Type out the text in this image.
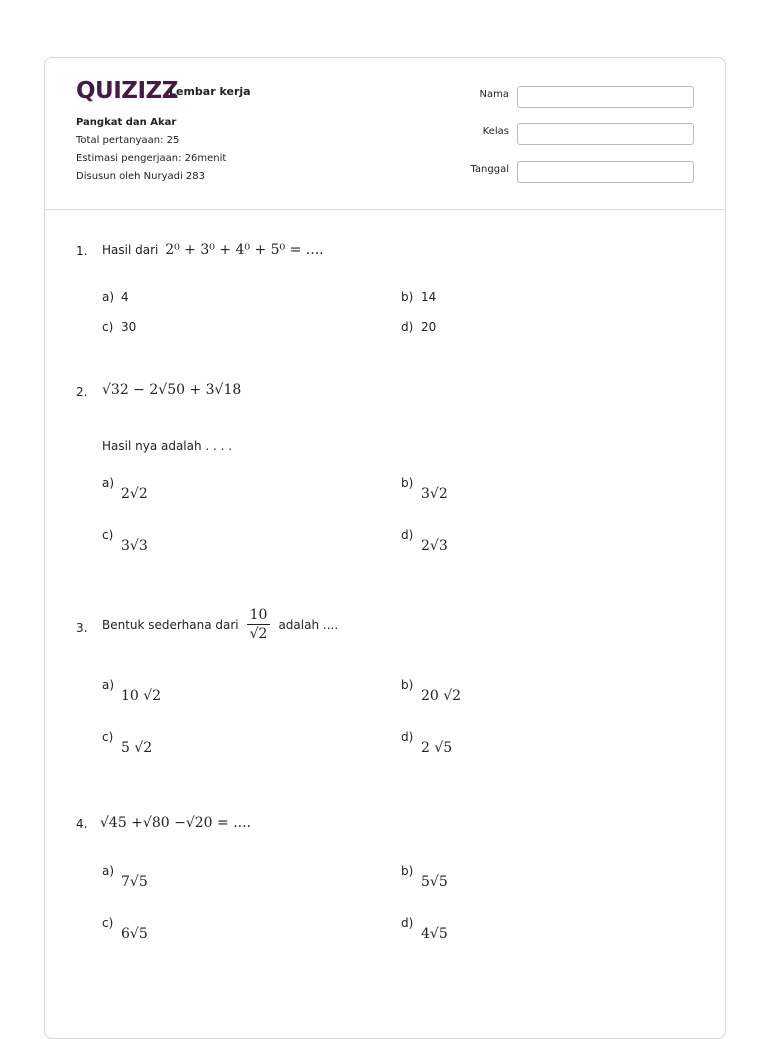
QUIZIZZ
Lembar kerja
Pangkat dan Akar
Total pertanyaan: 25
Estimasi pengerjaan: 26menit
Disusun oleh Nuryadi 283
Nama
Kelas
Tanggal
1. Hasil dari 2⁰ + 3⁰ + 4⁰ + 5⁰ = ....
a) 4	b) 14
c) 30	d) 20
2. √32 − 2√50 + 3√18
Hasil nya adalah . . . .
a)
2√2
b)
3√2
c)
3√3
d)
2√3
3. Bentuk sederhana dari $\frac{10}{√2}$ adalah ....
a)
10 √2
b)
20 √2
c)
5 √2
d)
2 √5
4. √45 +√80 −√20 = ....
a)
7√5
b)
5√5
c)
6√5
d)
4√5
